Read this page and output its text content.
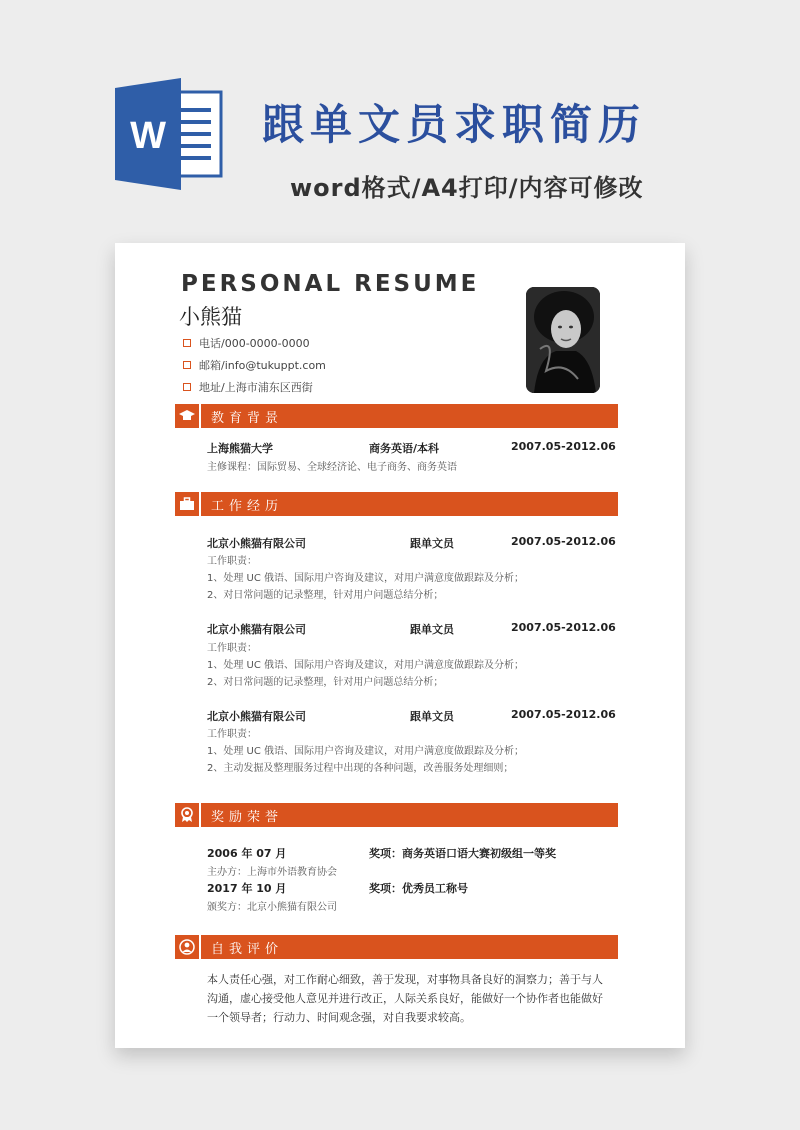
W 跟单文员求职简历
word格式/A4打印/内容可修改
PERSONAL RESUME
小熊猫
电话/000-0000-0000
邮箱/info@tukuppt.com
地址/上海市浦东区西街
教育背景
上海熊猫大学	商务英语/本科	2007.05-2012.06
主修课程：国际贸易、全球经济论、电子商务、商务英语
工作经历
北京小熊猫有限公司	跟单文员	2007.05-2012.06
工作职责：
1、处理 UC 俄语、国际用户咨询及建议，对用户满意度做跟踪及分析；
2、对日常问题的记录整理，针对用户问题总结分析；
北京小熊猫有限公司	跟单文员	2007.05-2012.06
工作职责：
1、处理 UC 俄语、国际用户咨询及建议，对用户满意度做跟踪及分析；
2、对日常问题的记录整理，针对用户问题总结分析；
北京小熊猫有限公司	跟单文员	2007.05-2012.06
工作职责：
1、处理 UC 俄语、国际用户咨询及建议，对用户满意度做跟踪及分析；
2、主动发掘及整理服务过程中出现的各种问题，改善服务处理细则；
奖励荣誉
2006 年 07 月	奖项：商务英语口语大赛初级组一等奖
主办方：上海市外语教育协会
2017 年 10 月	奖项：优秀员工称号
颁奖方：北京小熊猫有限公司
自我评价
本人责任心强，对工作耐心细致，善于发现，对事物具备良好的洞察力；善于与人沟通，虚心接受他人意见并进行改正，人际关系良好，能做好一个协作者也能做好一个领导者；行动力、时间观念强，对自我要求较高。
